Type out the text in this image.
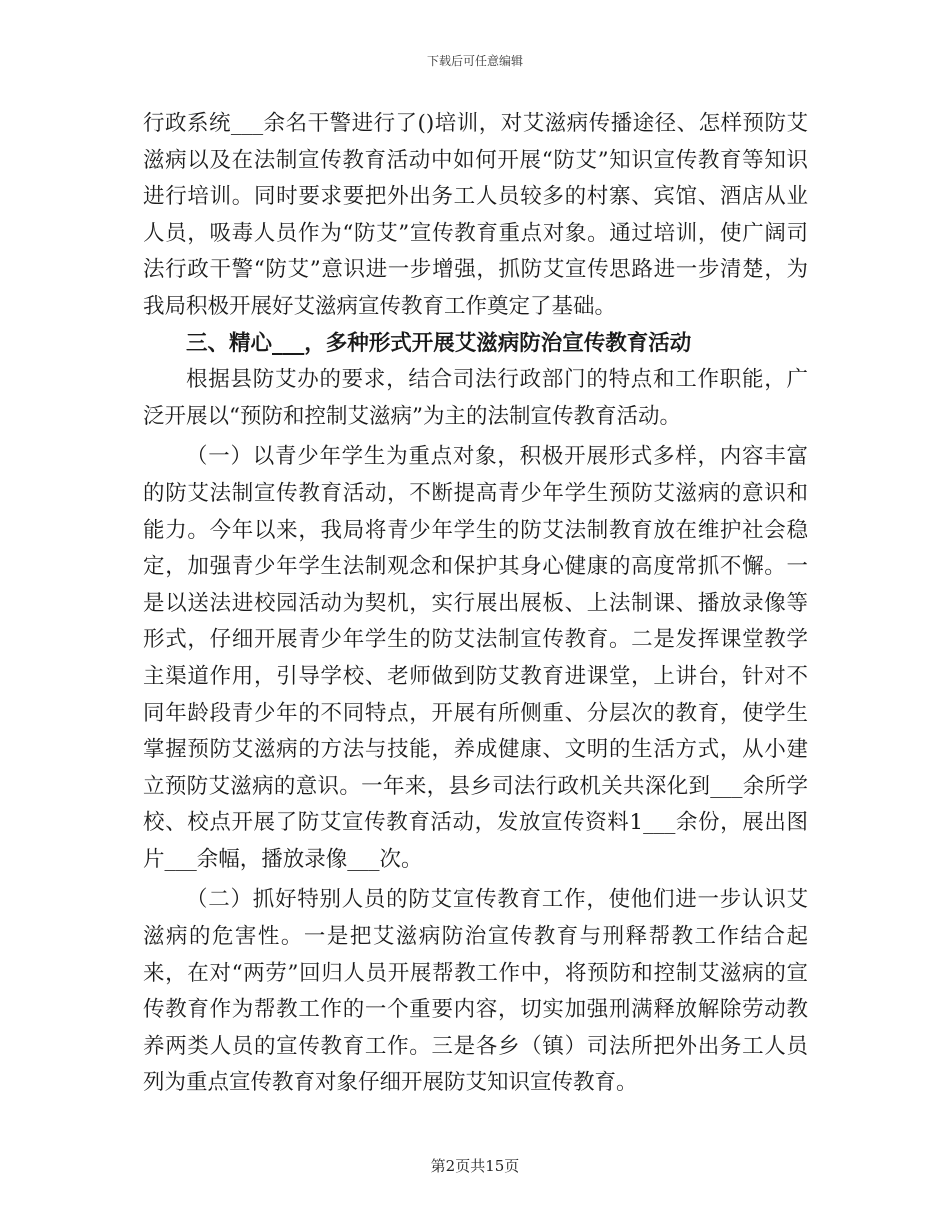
下载后可任意编辑

行政系统___余名干警进行了()培训，对艾滋病传播途径、怎样预防艾滋病以及在法制宣传教育活动中如何开展“防艾”知识宣传教育等知识进行培训。同时要求要把外出务工人员较多的村寨、宾馆、酒店从业人员，吸毒人员作为“防艾”宣传教育重点对象。通过培训，使广阔司法行政干警“防艾”意识进一步增强，抓防艾宣传思路进一步清楚，为我局积极开展好艾滋病宣传教育工作奠定了基础。

三、精心___，多种形式开展艾滋病防治宣传教育活动

根据县防艾办的要求，结合司法行政部门的特点和工作职能，广泛开展以“预防和控制艾滋病”为主的法制宣传教育活动。

（一）以青少年学生为重点对象，积极开展形式多样，内容丰富的防艾法制宣传教育活动，不断提高青少年学生预防艾滋病的意识和能力。今年以来，我局将青少年学生的防艾法制教育放在维护社会稳定，加强青少年学生法制观念和保护其身心健康的高度常抓不懈。一是以送法进校园活动为契机，实行展出展板、上法制课、播放录像等形式，仔细开展青少年学生的防艾法制宣传教育。二是发挥课堂教学主渠道作用，引导学校、老师做到防艾教育进课堂，上讲台，针对不同年龄段青少年的不同特点，开展有所侧重、分层次的教育，使学生掌握预防艾滋病的方法与技能，养成健康、文明的生活方式，从小建立预防艾滋病的意识。一年来，县乡司法行政机关共深化到___余所学校、校点开展了防艾宣传教育活动，发放宣传资料1___余份，展出图片___余幅，播放录像___次。

（二）抓好特别人员的防艾宣传教育工作，使他们进一步认识艾滋病的危害性。一是把艾滋病防治宣传教育与刑释帮教工作结合起来，在对“两劳”回归人员开展帮教工作中，将预防和控制艾滋病的宣传教育作为帮教工作的一个重要内容，切实加强刑满释放解除劳动教养两类人员的宣传教育工作。三是各乡（镇）司法所把外出务工人员列为重点宣传教育对象仔细开展防艾知识宣传教育。

第2页共15页
